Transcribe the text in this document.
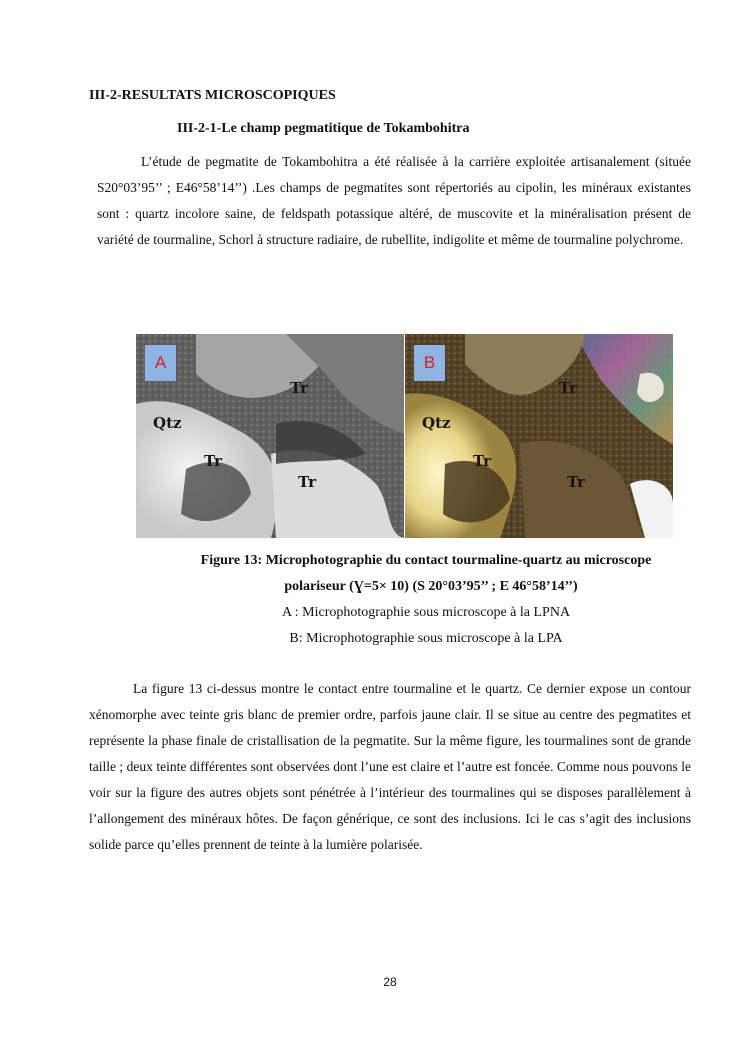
III-2-RESULTATS MICROSCOPIQUES
III-2-1-Le champ pegmatitique de Tokambohitra

L’étude de pegmatite de Tokambohitra a été réalisée à la carrière exploitée artisanalement (située S20°03’95’’ ; E46°58’14’’) .Les champs de pegmatites sont répertoriés au cipolin, les minéraux existantes sont : quartz incolore saine, de feldspath potassique altéré, de muscovite et la minéralisation présent de variété de tourmaline, Schorl à structure radiaire, de rubellite, indigolite et même de tourmaline polychrome.

A
Tr
Qtz
Tr
Tr
B
Tr
Qtz
Tr
Tr
Figure 13: Microphotographie du contact tourmaline-quartz au microscope
polariseur (Ɣ=5× 10) (S 20°03’95’’ ; E 46°58’14’’)
A : Microphotographie sous microscope à la LPNA
B: Microphotographie sous microscope à la LPA

La figure 13 ci-dessus montre le contact entre tourmaline et le quartz. Ce dernier expose un contour xénomorphe avec teinte gris blanc de premier ordre, parfois jaune clair. Il se situe au centre des pegmatites et représente la phase finale de cristallisation de la pegmatite. Sur la même figure, les tourmalines sont de grande taille ; deux teinte différentes sont observées dont l’une est claire et l’autre est foncée. Comme nous pouvons le voir sur la figure des autres objets sont pénétrée à l’intérieur des tourmalines qui se disposes parallèlement à l’allongement des minéraux hôtes. De façon générique, ce sont des inclusions. Ici le cas s’agit des inclusions solide parce qu’elles prennent de teinte à la lumière polarisée.

28
